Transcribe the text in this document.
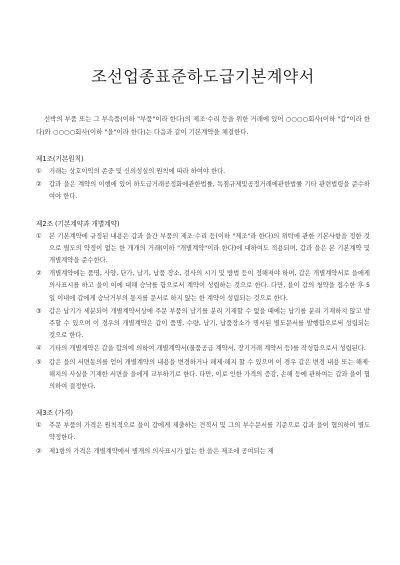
조선업종표준하도급기본계약서

선박의 부품 또는 그 부속품(이하 "부품"이라 한다)의 제조·수리 등을 위한 거래에 있어 ○○○○회사(이하 "갑"이라 한다)와 ○○○○회사(이하 "을"이라 한다)는 다음과 같이 기본계약을 체결한다.

제1조(기본원칙)

① 거래는 상호이익의 존중 및 신의성실의 원칙에 따라 하여야 한다.

② 갑과 을은 계약의 이행에 있어 하도급거래공정화에관한법률, 독점규제및공정거래에관한법률 기타 관련법령을 준수하여야 한다.

제2조 (기본계약과 개별계약)

① 본 기본계약에 규정된 내용은 갑과 을간 부품의 제조·수리 등(이하 "제조"라 한다)의 위탁에 관한 기본사항을 정한 것으로 별도의 약정이 없는 한 개개의 거래(이하 "개별계약"이라 한다)에 대하여도 적용되며, 갑과 을은 본 기본계약 및 개별계약을 준수한다.

② 개별계약에는 품명, 사양, 단가, 납기, 납품 장소, 검사의 시기 및 방법 등이 정해져야 하며, 갑은 개별계약서로 을에게 의사표시를 하고 을이 이에 대해 승낙를 함으로서 계약이 성립하는 것으로 한다. 다만, 을이 갑의 청약을 접수한 후 5일 이내에 갑에게 승낙거부의 통지를 문서로 하지 않는 한 계약이 성립되는 것으로 한다.

③ 갑은 납기가 세분되어 개별계약서상에 주문 부품의 납기를 분리 기재할 수 없을 때에는 납기를 분리 기재하지 않고 발주할 수 있으며 이 경우의 개별계약은 갑이 품명, 수량, 납기, 납품장소가 명시된 별도문서를 발행함으로써 성립되는 것으로 한다.

④ 기타의 개별계약은 갑을 합의에 의하여 개별계약서(물품공급 계약서, 장기거래 계약서 등)를 작성함으로서 성립된다.

⑤ 갑은 을의 서면동의를 얻어 개별계약의 내용을 변경하거나 해제·해지 할 수 있으며 이 경우 갑은 변경 내용 또는 해제·해지의 사실을 기재한 서면을 을에게 교부하기로 한다. 다만, 이로 인한 가격의 증감, 손해 등에 관하여는 갑과 을이 협의하여 결정한다.

제3조 (가격)

① 주문 부품의 가격은 원칙적으로 을이 갑에게 제출하는 견적서 및 그의 부수문서를 기준으로 갑과 을이 협의하여 별도 약정한다.

② 제1항의 가격은 개별계약에서 별개의 의사표시가 없는 한 을은 제조에 공여되는 제
